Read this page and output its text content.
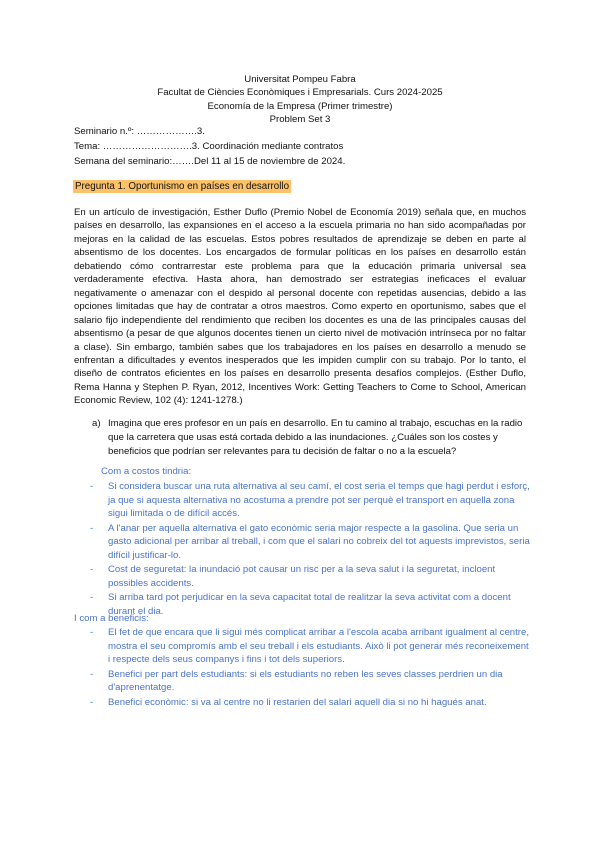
Universitat Pompeu Fabra
Facultat de Ciències Econòmiques i Empresarials. Curs 2024-2025
Economía de la Empresa (Primer trimestre)
Problem Set 3
Seminario n.º: ……………….3.
Tema: ……………………….3. Coordinación mediante contratos
Semana del seminario:…….Del 11 al 15 de noviembre de 2024.
Pregunta 1. Oportunismo en países en desarrollo

En un artículo de investigación, Esther Duflo (Premio Nobel de Economía 2019) señala que, en muchos países en desarrollo, las expansiones en el acceso a la escuela primaria no han sido acompañadas por mejoras en la calidad de las escuelas. Estos pobres resultados de aprendizaje se deben en parte al absentismo de los docentes. Los encargados de formular políticas en los países en desarrollo están debatiendo cómo contrarrestar este problema para que la educación primaria universal sea verdaderamente efectiva. Hasta ahora, han demostrado ser estrategias ineficaces el evaluar negativamente o amenazar con el despido al personal docente con repetidas ausencias, debido a las opciones limitadas que hay de contratar a otros maestros. Como experto en oportunismo, sabes que el salario fijo independiente del rendimiento que reciben los docentes es una de las principales causas del absentismo (a pesar de que algunos docentes tienen un cierto nivel de motivación intrínseca por no faltar a clase). Sin embargo, también sabes que los trabajadores en los países en desarrollo a menudo se enfrentan a dificultades y eventos inesperados que les impiden cumplir con su trabajo. Por lo tanto, el diseño de contratos eficientes en los países en desarrollo presenta desafíos complejos. (Esther Duflo, Rema Hanna y Stephen P. Ryan, 2012, Incentives Work: Getting Teachers to Come to School, American Economic Review, 102 (4): 1241-1278.)

a) Imagina que eres profesor en un país en desarrollo. En tu camino al trabajo, escuchas en la radio que la carretera que usas está cortada debido a las inundaciones. ¿Cuáles son los costes y beneficios que podrían ser relevantes para tu decisión de faltar o no a la escuela?
Com a costos tindria:
- Si considera buscar una ruta alternativa al seu camí, el cost seria el temps que hagi perdut i esforç, ja que si aquesta alternativa no acostuma a prendre pot ser perquè el transport en aquella zona sigui limitada o de difícil accés.
- A l'anar per aquella alternativa el gato econòmic seria major respecte a la gasolina. Que seria un gasto adicional per arribar al treball, i com que el salari no cobreix del tot aquests imprevistos, seria difícil justificar-lo.
- Cost de seguretat: la inundació pot causar un risc per a la seva salut i la seguretat, incloent possibles accidents.
- Si arriba tard pot perjudicar en la seva capacitat total de realitzar la seva activitat com a docent durant el dia.
I com a beneficis:
- El fet de que encara que li sigui més complicat arribar a l'escola acaba arribant igualment al centre, mostra el seu compromís amb el seu treball i els estudiants. Això li pot generar més reconeixement i respecte dels seus companys i fins i tot dels superiors.
- Benefici per part dels estudiants: si els estudiants no reben les seves classes perdrien un dia d'aprenentatge.
- Benefici econòmic: si va al centre no li restarien del salari aquell dia si no hi hagués anat.
